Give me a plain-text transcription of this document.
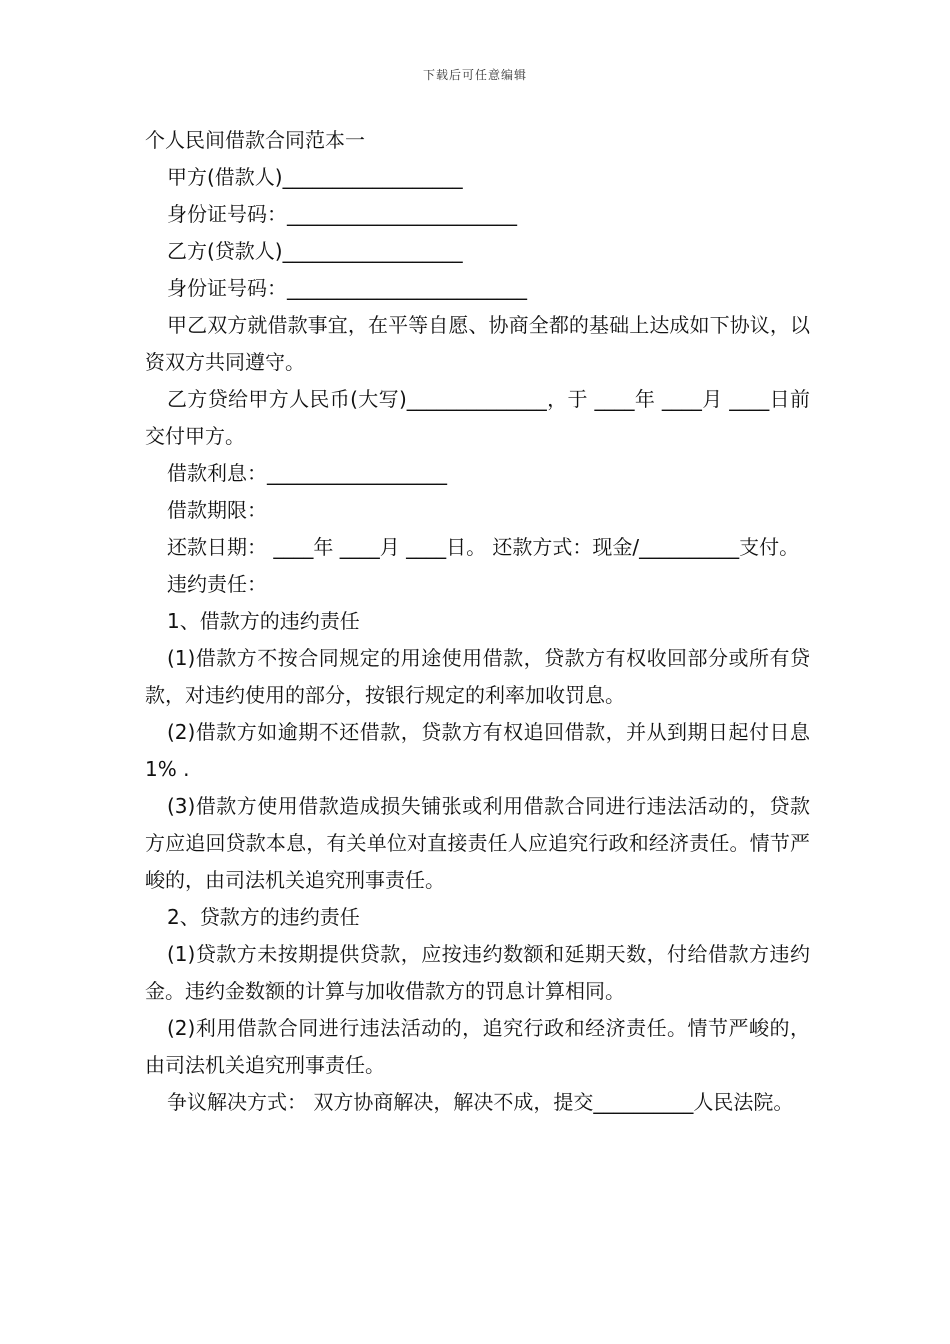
下载后可任意编辑
个人民间借款合同范本一
甲方(借款人)__________________
身份证号码：_______________________
乙方(贷款人)__________________
身份证号码：________________________
甲乙双方就借款事宜，在平等自愿、协商全都的基础上达成如下协议，以资双方共同遵守。
乙方贷给甲方人民币(大写)______________，于 ____年 ____月 ____日前交付甲方。
借款利息：__________________
借款期限：
还款日期： ____年 ____月 ____日。 还款方式：现金/__________支付。
违约责任：
1、借款方的违约责任
(1)借款方不按合同规定的用途使用借款，贷款方有权收回部分或所有贷款，对违约使用的部分，按银行规定的利率加收罚息。
(2)借款方如逾期不还借款，贷款方有权追回借款，并从到期日起付日息 1% .
(3)借款方使用借款造成损失铺张或利用借款合同进行违法活动的，贷款方应追回贷款本息，有关单位对直接责任人应追究行政和经济责任。情节严峻的，由司法机关追究刑事责任。
2、贷款方的违约责任
(1)贷款方未按期提供贷款，应按违约数额和延期天数，付给借款方违约金。违约金数额的计算与加收借款方的罚息计算相同。
(2)利用借款合同进行违法活动的，追究行政和经济责任。情节严峻的，由司法机关追究刑事责任。
争议解决方式： 双方协商解决，解决不成，提交__________人民法院。
